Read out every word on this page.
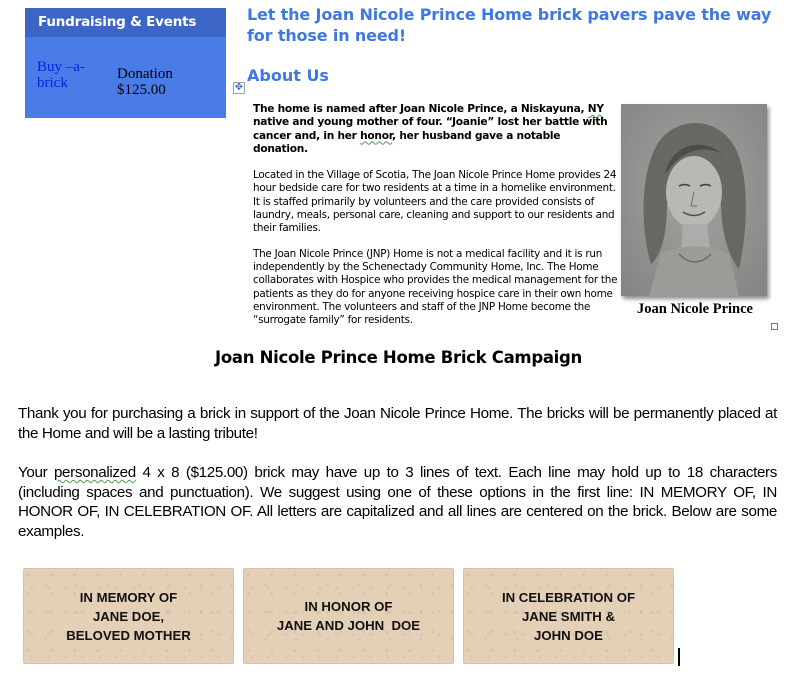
Fundraising & Events
Buy –a-brick
Donation
$125.00
Let the Joan Nicole Prince Home brick pavers pave the way for those in need!
About Us
✥

The home is named after Joan Nicole Prince, a Niskayuna, NY native and young mother of four. “Joanie” lost her battle with cancer and, in her honor, her husband gave a notable donation.

Located in the Village of Scotia, The Joan Nicole Prince Home provides 24 hour bedside care for two residents at a time in a homelike environment. It is staffed primarily by volunteers and the care provided consists of laundry, meals, personal care, cleaning and support to our residents and their families.

The Joan Nicole Prince (JNP) Home is not a medical facility and it is run independently by the Schenectady Community Home, Inc. The Home collaborates with Hospice who provides the medical management for the patients as they do for anyone receiving hospice care in their own home environment. The volunteers and staff of the JNP Home become the “surrogate family” for residents.

Joan Nicole Prince
Joan Nicole Prince Home Brick Campaign
Thank you for purchasing a brick in support of the Joan Nicole Prince Home. The bricks will be permanently placed at the Home and will be a lasting tribute!
Your personalized 4 x 8 ($125.00) brick may have up to 3 lines of text. Each line may hold up to 18 characters (including spaces and punctuation). We suggest using one of these options in the first line: IN MEMORY OF, IN HONOR OF, IN CELEBRATION OF. All letters are capitalized and all lines are centered on the brick. Below are some examples.
IN MEMORY OF
JANE DOE,
BELOVED MOTHER
IN HONOR OF
JANE AND JOHN  DOE
IN CELEBRATION OF
JANE SMITH &
JOHN DOE
